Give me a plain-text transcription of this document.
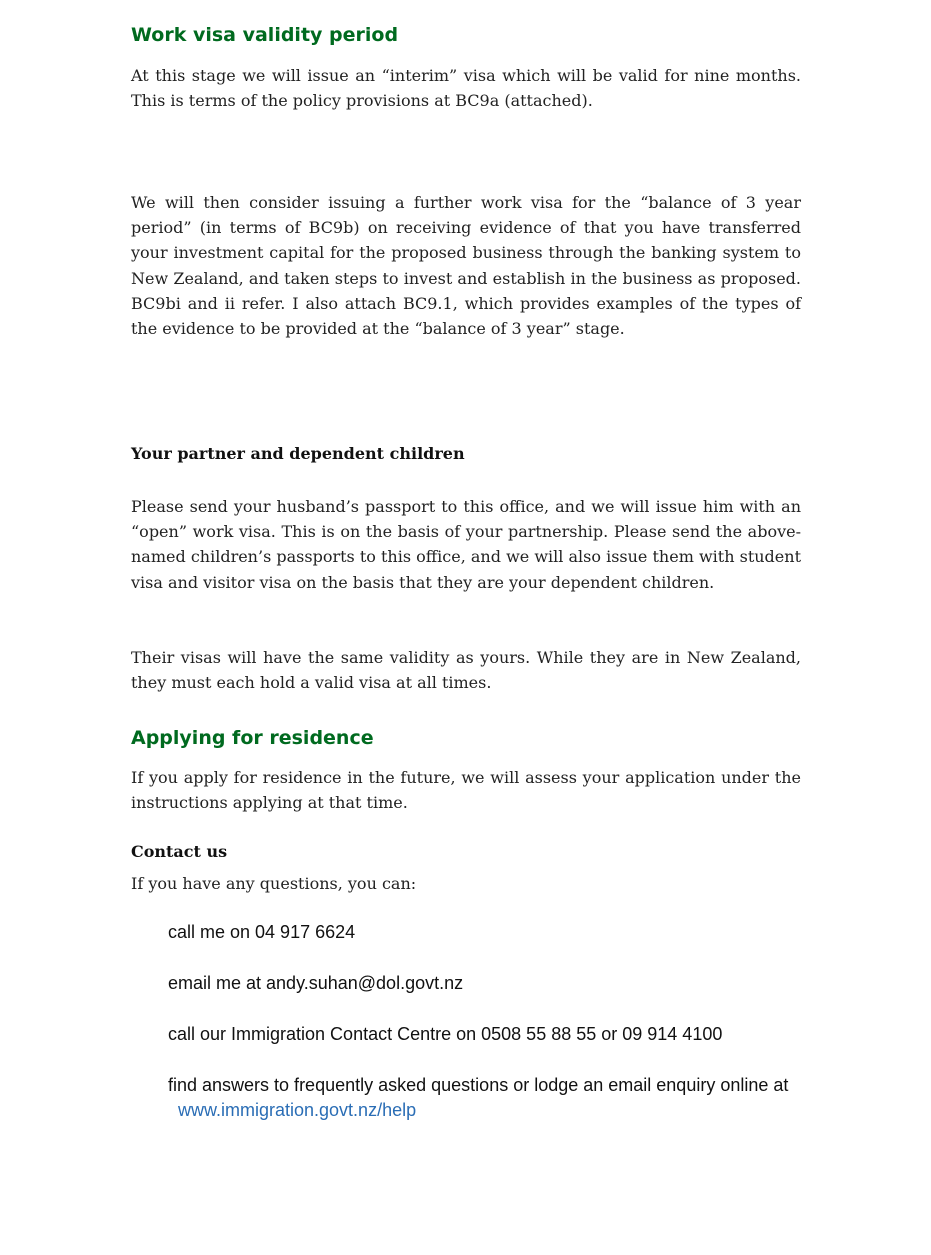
Work visa validity period

At this stage we will issue an “interim” visa which will be valid for nine months. This is terms of the policy provisions at BC9a (attached).

We will then consider issuing a further work visa for the “balance of 3 year period” (in terms of BC9b) on receiving evidence of that you have transferred your investment capital for the proposed business through the banking system to New Zealand, and taken steps to invest and establish in the business as proposed. BC9bi and ii refer. I also attach BC9.1, which provides examples of the types of the evidence to be provided at the “balance of 3 year” stage.

Your partner and dependent children

Please send your husband’s passport to this office, and we will issue him with an “open” work visa. This is on the basis of your partnership. Please send the above-named children’s passports to this office, and we will also issue them with student visa and visitor visa on the basis that they are your dependent children.

Their visas will have the same validity as yours. While they are in New Zealand, they must each hold a valid visa at all times.

Applying for residence

If you apply for residence in the future, we will assess your application under the instructions applying at that time.

Contact us

If you have any questions, you can:

call me on 04 917 6624
email me at andy.suhan@dol.govt.nz
call our Immigration Contact Centre on 0508 55 88 55 or 09 914 4100
find answers to frequently asked questions or lodge an email enquiry online at
www.immigration.govt.nz/help
